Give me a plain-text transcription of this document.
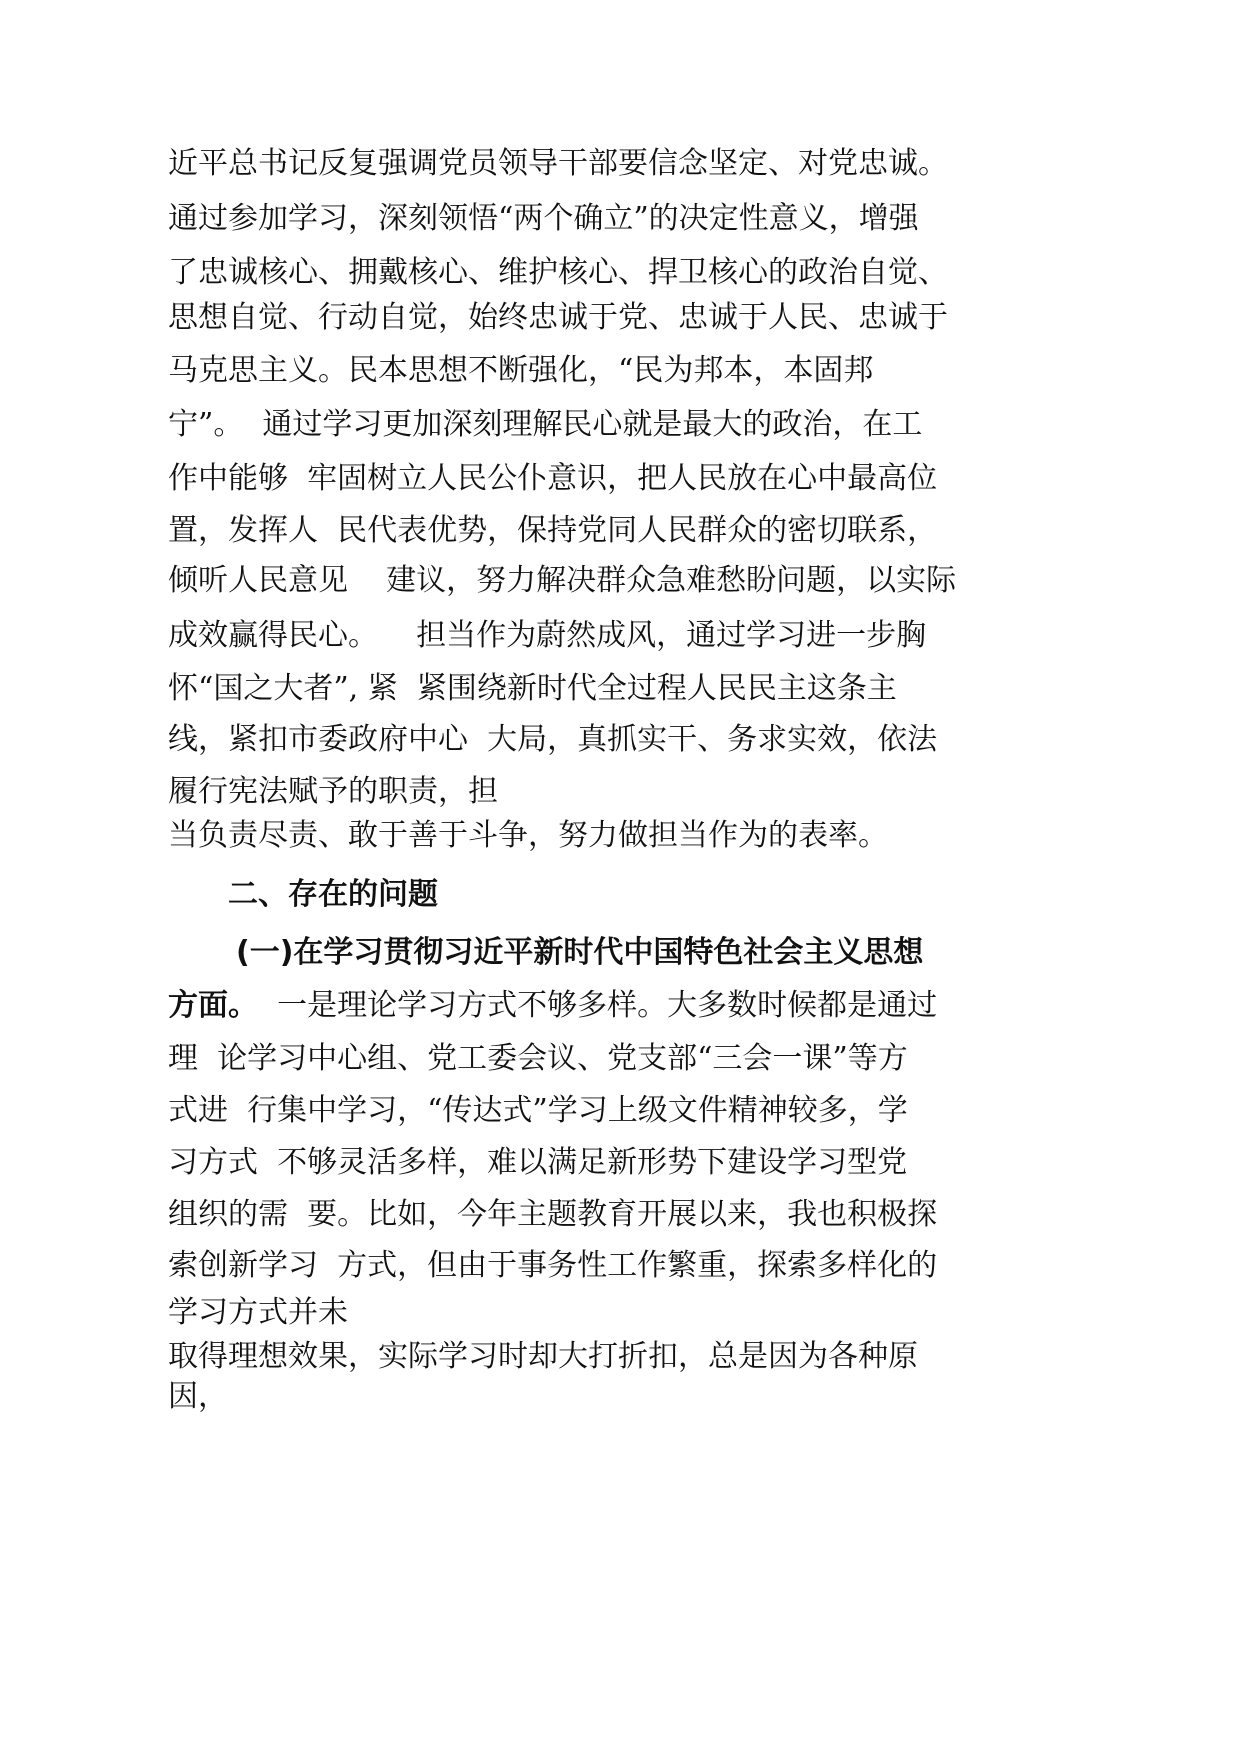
近平总书记反复强调党员领导干部要信念坚定、对党忠诚。
通过参加学习，深刻领悟“两个确立”的决定性意义，增强
了忠诚核心、拥戴核心、维护核心、捍卫核心的政治自觉、
思想自觉、行动自觉，始终忠诚于党、忠诚于人民、忠诚于
马克思主义。民本思想不断强化，“民为邦本，本固邦
宁”。  通过学习更加深刻理解民心就是最大的政治，在工
作中能够  牢固树立人民公仆意识，把人民放在心中最高位
置，发挥人  民代表优势，保持党同人民群众的密切联系，
倾听人民意见    建议，努力解决群众急难愁盼问题，以实际
成效赢得民心。    担当作为蔚然成风，通过学习进一步胸
怀“国之大者”, 紧  紧围绕新时代全过程人民民主这条主
线，紧扣市委政府中心  大局，真抓实干、务求实效，依法
履行宪法赋予的职责，担
当负责尽责、敢于善于斗争，努力做担当作为的表率。
二、存在的问题
(一)在学习贯彻习近平新时代中国特色社会主义思想
方面。  一是理论学习方式不够多样。大多数时候都是通过
理  论学习中心组、党工委会议、党支部“三会一课”等方
式进  行集中学习，“传达式”学习上级文件精神较多，学
习方式  不够灵活多样，难以满足新形势下建设学习型党
组织的需  要。比如，今年主题教育开展以来，我也积极探
索创新学习  方式，但由于事务性工作繁重，探索多样化的
学习方式并未
取得理想效果，实际学习时却大打折扣，总是因为各种原
因，
